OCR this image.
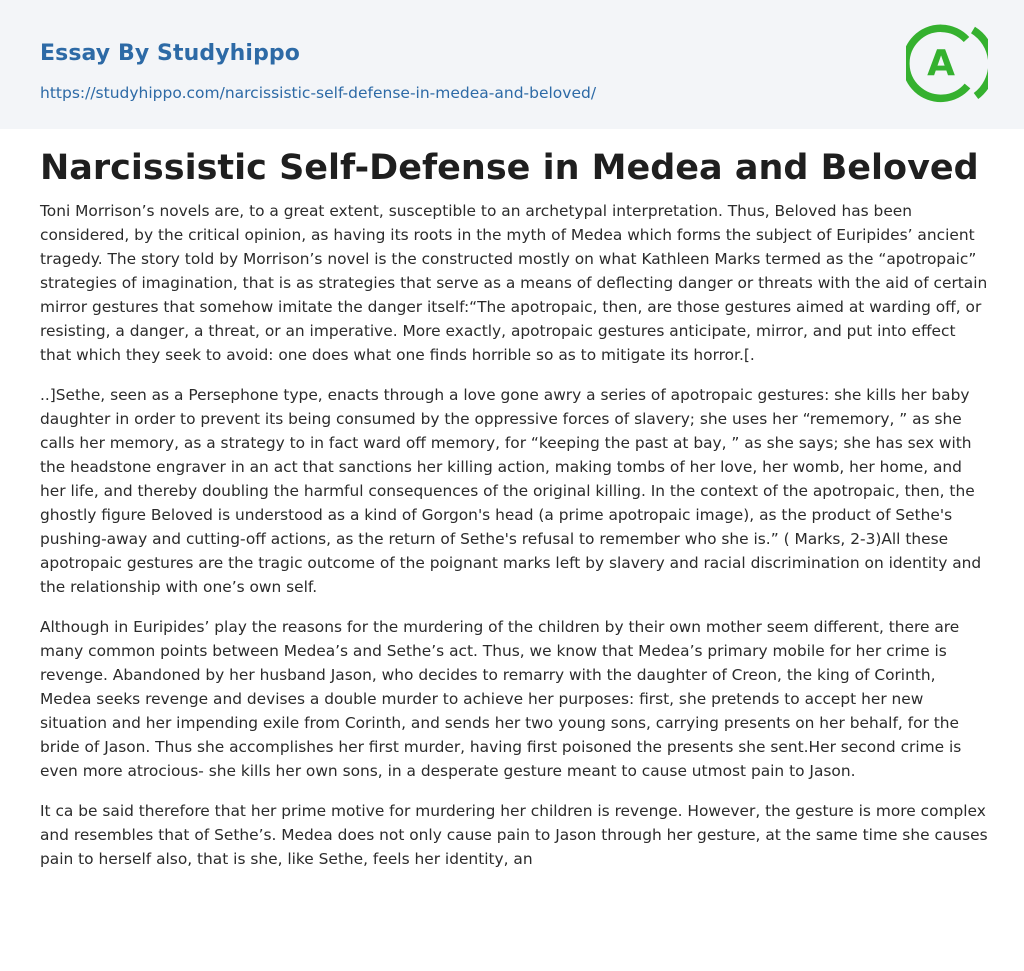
Essay By Studyhippo
https://studyhippo.com/narcissistic-self-defense-in-medea-and-beloved/
A
Narcissistic Self-Defense in Medea and Beloved

Toni Morrison’s novels are, to a great extent, susceptible to an archetypal interpretation. Thus, Beloved has been considered, by the critical opinion, as having its roots in the myth of Medea which forms the subject of Euripides’ ancient tragedy. The story told by Morrison’s novel is the constructed mostly on what Kathleen Marks termed as the “apotropaic” strategies of imagination, that is as strategies that serve as a means of deflecting danger or threats with the aid of certain mirror gestures that somehow imitate the danger itself:“The apotropaic, then, are those gestures aimed at warding off, or resisting, a danger, a threat, or an imperative. More exactly, apotropaic gestures anticipate, mirror, and put into effect that which they seek to avoid: one does what one finds horrible so as to mitigate its horror.[.

..]Sethe, seen as a Persephone type, enacts through a love gone awry a series of apotropaic gestures: she kills her baby daughter in order to prevent its being consumed by the oppressive forces of slavery; she uses her “rememory, ” as she calls her memory, as a strategy to in fact ward off memory, for “keeping the past at bay, ” as she says; she has sex with the headstone engraver in an act that sanctions her killing action, making tombs of her love, her womb, her home, and her life, and thereby doubling the harmful consequences of the original killing. In the context of the apotropaic, then, the ghostly figure Beloved is understood as a kind of Gorgon's head (a prime apotropaic image), as the product of Sethe's pushing-away and cutting-off actions, as the return of Sethe's refusal to remember who she is.” ( Marks, 2-3)All these apotropaic gestures are the tragic outcome of the poignant marks left by slavery and racial discrimination on identity and the relationship with one’s own self.

Although in Euripides’ play the reasons for the murdering of the children by their own mother seem different, there are many common points between Medea’s and Sethe’s act. Thus, we know that Medea’s primary mobile for her crime is revenge. Abandoned by her husband Jason, who decides to remarry with the daughter of Creon, the king of Corinth, Medea seeks revenge and devises a double murder to achieve her purposes: first, she pretends to accept her new situation and her impending exile from Corinth, and sends her two young sons, carrying presents on her behalf, for the bride of Jason. Thus she accomplishes her first murder, having first poisoned the presents she sent.Her second crime is even more atrocious- she kills her own sons, in a desperate gesture meant to cause utmost pain to Jason.

It ca be said therefore that her prime motive for murdering her children is revenge. However, the gesture is more complex and resembles that of Sethe’s. Medea does not only cause pain to Jason through her gesture, at the same time she causes pain to herself also, that is she, like Sethe, feels her identity, an
